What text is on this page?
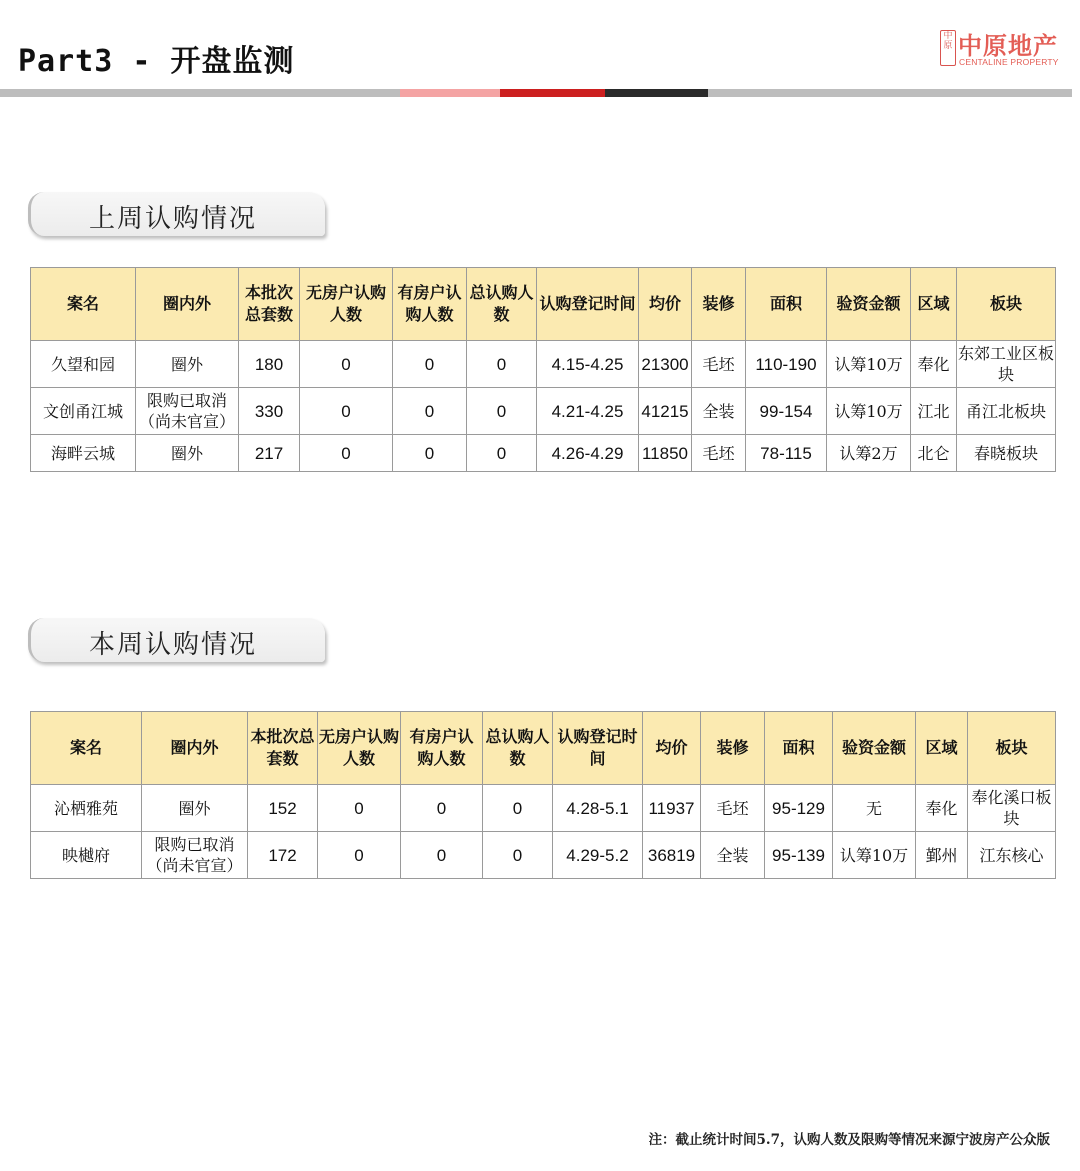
Part3 - 开盘监测
中
原 中原地产
CENTALINE PROPERTY
上周认购情况
案名	圈内外	本批次总套数	无房户认购人数	有房户认购人数	总认购人数	认购登记时间	均价	装修	面积	验资金额	区域	板块
久望和园	圈外	180	0	0	0	4.15-4.25	21300	毛坯	110-190	认筹10万	奉化	东郊工业区板块
文创甬江城	限购已取消（尚未官宣）	330	0	0	0	4.21-4.25	41215	全装	99-154	认筹10万	江北	甬江北板块
海畔云城	圈外	217	0	0	0	4.26-4.29	11850	毛坯	78-115	认筹2万	北仑	春晓板块
本周认购情况
案名	圈内外	本批次总套数	无房户认购人数	有房户认购人数	总认购人数	认购登记时间	均价	装修	面积	验资金额	区域	板块
沁栖雅苑	圈外	152	0	0	0	4.28-5.1	11937	毛坯	95-129	无	奉化	奉化溪口板块
映樾府	限购已取消（尚未官宣）	172	0	0	0	4.29-5.2	36819	全装	95-139	认筹10万	鄞州	江东核心
注：截止统计时间5.7，认购人数及限购等情况来源宁波房产公众版
